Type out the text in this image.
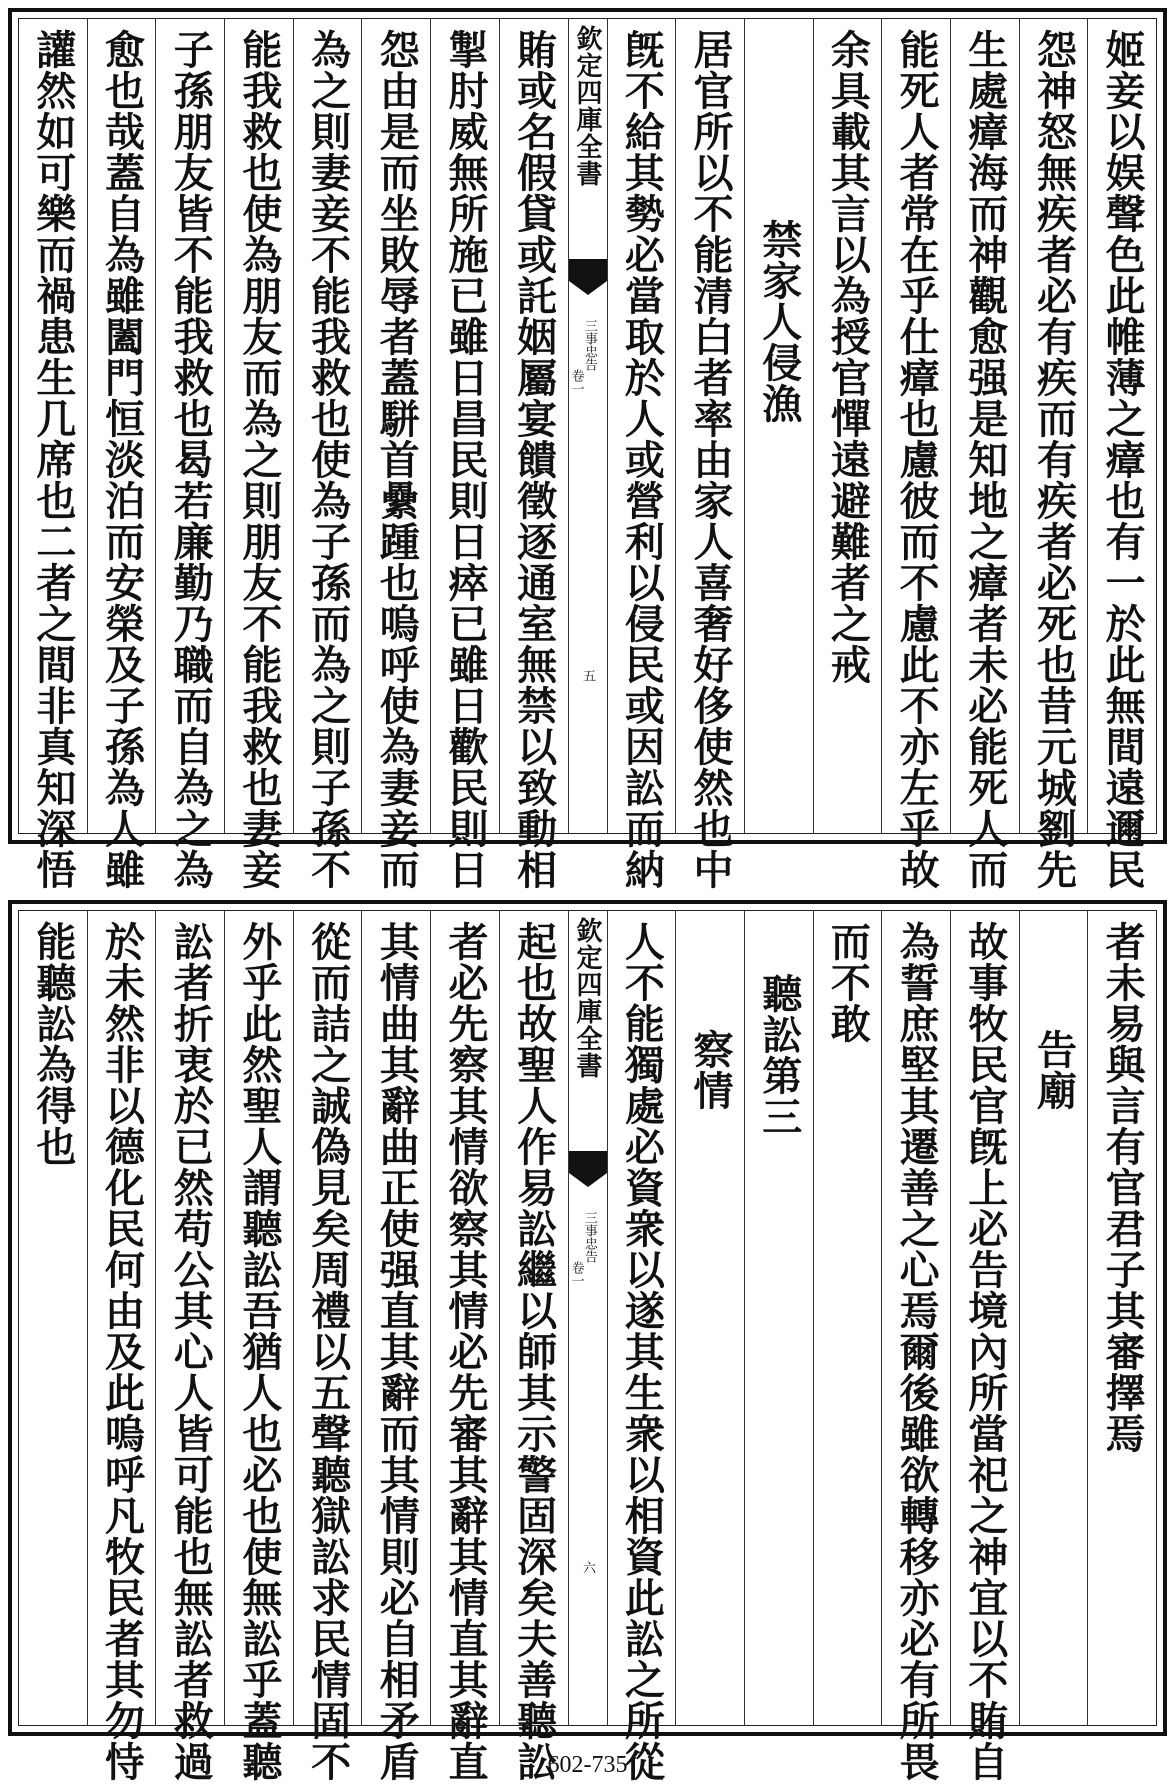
姬妾以娱聲色此帷薄之瘴也有一於此無間遠邇民
怨神怒無疾者必有疾而有疾者必死也昔元城劉先
生處瘴海而神觀愈强是知地之瘴者未必能死人而
能死人者常在乎仕瘴也慮彼而不慮此不亦左乎故
余具載其言以為授官憚遠避難者之戒
禁家人侵漁
居官所以不能清白者率由家人喜奢好侈使然也中
旣不給其勢必當取於人或營利以侵民或因訟而納
欽定四庫全書
三事忠告
卷一
五
賄或名假貸或託姻屬宴饋徵逐通室無禁以致動相
掣肘威無所施已雖日昌民則日瘁已雖日歡民則日
怨由是而坐敗辱者蓋駢首纍踵也嗚呼使為妻妾而
為之則妻妾不能我救也使為子孫而為之則子孫不
能我救也使為朋友而為之則朋友不能我救也妻妾
子孫朋友皆不能我救也曷若廉勤乃職而自為之為
愈也哉蓋自為雖闔門恒淡泊而安榮及子孫為人雖
讙然如可樂而禍患生几席也二者之間非真知深悟
者未易與言有官君子其審擇焉
告廟
故事牧民官旣上必告境內所當祀之神宜以不賄自
為誓庶堅其遷善之心焉爾後雖欲轉移亦必有所畏
而不敢
聽訟第三
察情
人不能獨處必資衆以遂其生衆以相資此訟之所從
欽定四庫全書
三事忠告
卷一
六
起也故聖人作易訟繼以師其示警固深矣夫善聽訟
者必先察其情欲察其情必先審其辭其情直其辭直
其情曲其辭曲正使强直其辭而其情則必自相矛盾
從而詰之誠偽見矣周禮以五聲聽獄訟求民情固不
外乎此然聖人謂聽訟吾猶人也必也使無訟乎蓋聽
訟者折衷於已然苟公其心人皆可能也無訟者救過
於未然非以德化民何由及此嗚呼凡牧民者其勿恃
能聽訟為得也
602-735
